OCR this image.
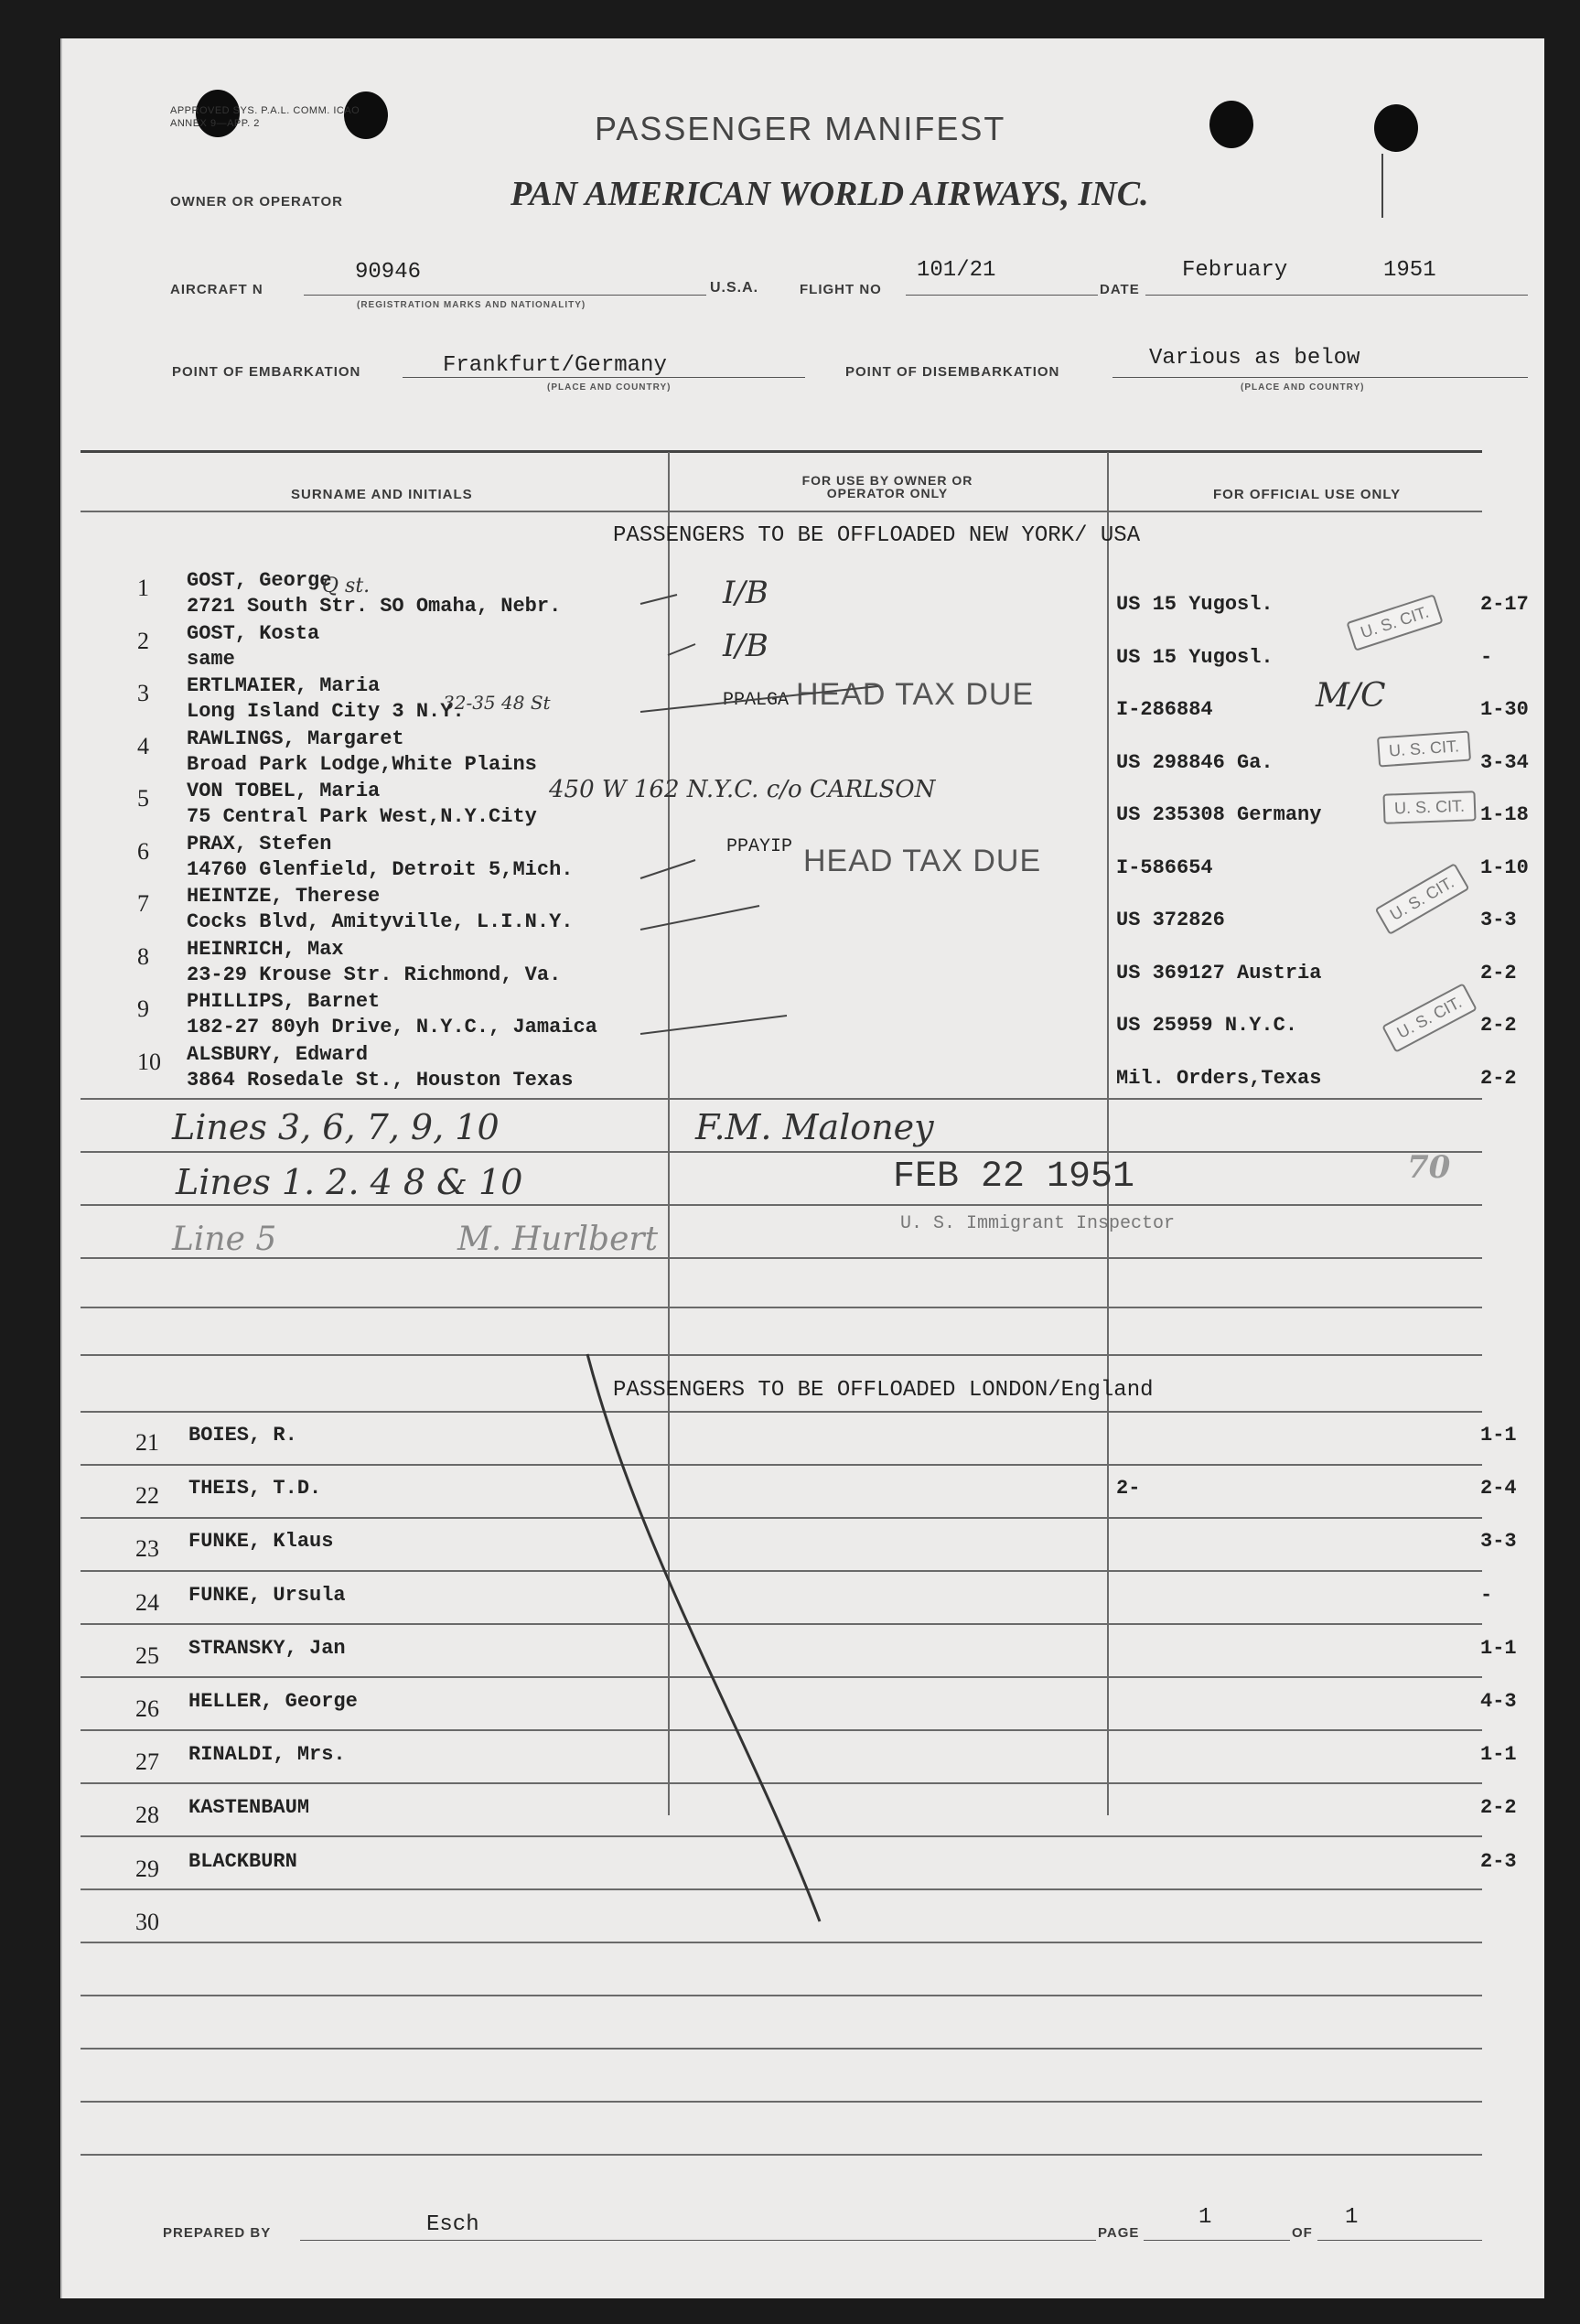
APPROVED SYS. P.A.L. COMM. ICAO ANNEX 9—APP. 2	PASSENGER MANIFEST
OWNER OR OPERATOR	PAN AMERICAN WORLD AIRWAYS, INC.
AIRCRAFT N
90946
(REGISTRATION MARKS AND NATIONALITY)
U.S.A.	FLIGHT NO
101/21
DATE
February	1951
POINT OF EMBARKATION	Frankfurt/Germany
(PLACE AND COUNTRY)
POINT OF DISEMBARKATION
Various as below
(PLACE AND COUNTRY)
SURNAME AND INITIALS
FOR USE BY OWNER OR OPERATOR ONLY	FOR OFFICIAL USE ONLY
PASSENGERS TO BE OFFLOADED NEW YORK/ USA
1 GOST, George
2721 South Str. SO Omaha, Nebr.	US 15 Yugosl.	2-17
2 GOST, Kosta
same	US 15 Yugosl.	-
3 ERTLMAIER, Maria
Long Island City 3 N.Y.	I-286884	1-30
4 RAWLINGS, Margaret
Broad Park Lodge,White Plains	US 298846 Ga.	3-34
5 VON TOBEL, Maria
75 Central Park West,N.Y.City	US 235308 Germany	1-18
6 PRAX, Stefen
14760 Glenfield, Detroit 5,Mich.	I-586654	1-10
7 HEINTZE, Therese
Cocks Blvd, Amityville, L.I.N.Y.	US 372826	3-3
8 HEINRICH, Max
23-29 Krouse Str. Richmond, Va.	US 369127 Austria	2-2
9 PHILLIPS, Barnet
182-27 80yh Drive, N.Y.C., Jamaica	US 25959 N.Y.C.	2-2
10 ALSBURY, Edward
3864 Rosedale St., Houston Texas	Mil. Orders,Texas	2-2
PPALGA
PPAYIP
HEAD TAX DUE
HEAD TAX DUE
U. S. CIT.
U. S. CIT.
U. S. CIT.
U. S. CIT.
U. S. CIT.
Q st.
32-35 48 St
450 W 162 N.Y.C. c/o CARLSON
I/B
I/B
M/C
Lines 3, 6, 7, 9, 10	F.M. Maloney
Lines 1. 2. 4 8 & 10
Line 5	M. Hurlbert
FEB 22 1951
U. S. Immigrant Inspector
70
PASSENGERS TO BE OFFLOADED LONDON/England
21 BOIES, R.	1-1
22 THEIS, T.D.	2-	2-4
23 FUNKE, Klaus	3-3
24 FUNKE, Ursula	-
25 STRANSKY, Jan	1-1
26 HELLER, George	4-3
27 RINALDI, Mrs.	1-1
28 KASTENBAUM	2-2
29 BLACKBURN	2-3
30
PREPARED BY	Esch	PAGE
1
OF
1
